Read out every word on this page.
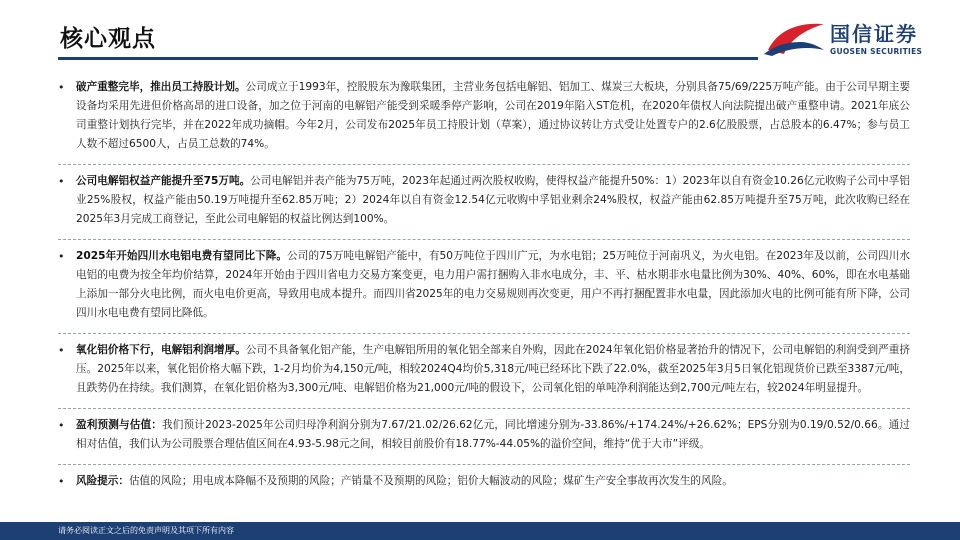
核心观点	国信证券
GUOSEN SECURITIES
• 破产重整完毕，推出员工持股计划。公司成立于1993年，控股股东为豫联集团，主营业务包括电解铝、铝加工、煤炭三大板块，分别具备75/69/225万吨产能。由于公司早期主要设备均采用先进但价格高昂的进口设备，加之位于河南的电解铝产能受到采暖季停产影响，公司在2019年陷入ST危机，在2020年债权人向法院提出破产重整申请。2021年底公司重整计划执行完毕，并在2022年成功摘帽。今年2月，公司发布2025年员工持股计划（草案），通过协议转让方式受让处置专户的2.6亿股股票，占总股本的6.47%；参与员工人数不超过6500人，占员工总数的74%。
• 公司电解铝权益产能提升至75万吨。公司电解铝并表产能为75万吨，2023年起通过两次股权收购，使得权益产能提升50%：1）2023年以自有资金10.26亿元收购子公司中孚铝业25%股权，权益产能由50.19万吨提升至62.85万吨；2）2024年以自有资金12.54亿元收购中孚铝业剩余24%股权，权益产能由62.85万吨提升至75万吨，此次收购已经在2025年3月完成工商登记，至此公司电解铝的权益比例达到100%。
• 2025年开始四川水电铝电费有望同比下降。公司的75万吨电解铝产能中，有50万吨位于四川广元，为水电铝；25万吨位于河南巩义，为火电铝。在2023年及以前，公司四川水电铝的电费为按全年均价结算，2024年开始由于四川省电力交易方案变更，电力用户需打捆购入非水电成分，丰、平、枯水期非水电量比例为30%、40%、60%，即在水电基础上添加一部分火电比例，而火电电价更高，导致用电成本提升。而四川省2025年的电力交易规则再次变更，用户不再打捆配置非水电量，因此添加火电的比例可能有所下降，公司四川水电电费有望同比降低。
• 氧化铝价格下行，电解铝利润增厚。公司不具备氧化铝产能，生产电解铝所用的氧化铝全部来自外购，因此在2024年氧化铝价格显著抬升的情况下，公司电解铝的利润受到严重挤压。2025年以来，氧化铝价格大幅下跌，1-2月均价为4,150元/吨，相较2024Q4均价5,318元/吨已经环比下跌了22.0%，截至2025年3月5日氧化铝现货价已跌至3387元/吨，且跌势仍在持续。我们测算，在氧化铝价格为3,300元/吨、电解铝价格为21,000元/吨的假设下，公司氧化铝的单吨净利润能达到2,700元/吨左右，较2024年明显提升。
• 盈利预测与估值：我们预计2023-2025年公司归母净利润分别为7.67/21.02/26.62亿元，同比增速分别为-33.86%/+174.24%/+26.62%；EPS分别为0.19/0.52/0.66。通过相对估值，我们认为公司股票合理估值区间在4.93-5.98元之间，相较目前股价有18.77%-44.05%的溢价空间，维持“优于大市”评级。
• 风险提示：估值的风险；用电成本降幅不及预期的风险；产销量不及预期的风险；铝价大幅波动的风险；煤矿生产安全事故再次发生的风险。
请务必阅读正文之后的免责声明及其项下所有内容
